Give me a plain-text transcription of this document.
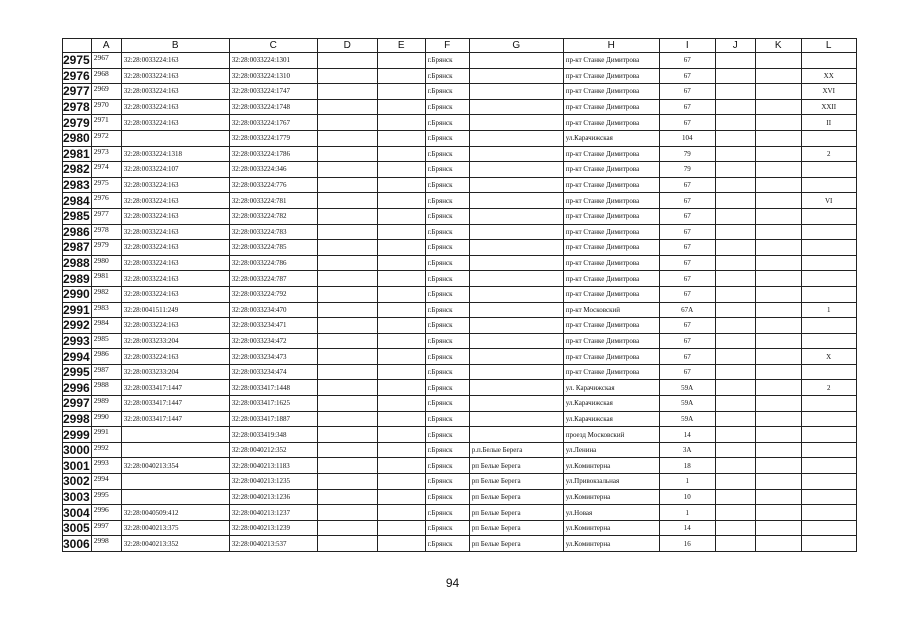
	A	B	C	D	E	F	G	H	I	J	K	L
2975	2967	32:28:0033224:163	32:28:0033224:1301			г.Брянск		пр-кт Станке Димитрова	67			
2976	2968	32:28:0033224:163	32:28:0033224:1310			г.Брянск		пр-кт Станке Димитрова	67			XX
2977	2969	32:28:0033224:163	32:28:0033224:1747			г.Брянск		пр-кт Станке Димитрова	67			XVI
2978	2970	32:28:0033224:163	32:28:0033224:1748			г.Брянск		пр-кт Станке Димитрова	67			XXII
2979	2971	32:28:0033224:163	32:28:0033224:1767			г.Брянск		пр-кт Станке Димитрова	67			II
2980	2972		32:28:0033224:1779			г.Брянск		ул.Карачижская	104			
2981	2973	32:28:0033224:1318	32:28:0033224:1786			г.Брянск		пр-кт Станке Димитрова	79			2
2982	2974	32:28:0033224:107	32:28:0033224:346			г.Брянск		пр-кт Станке Димитрова	79			
2983	2975	32:28:0033224:163	32:28:0033224:776			г.Брянск		пр-кт Станке Димитрова	67			
2984	2976	32:28:0033224:163	32:28:0033224:781			г.Брянск		пр-кт Станке Димитрова	67			VI
2985	2977	32:28:0033224:163	32:28:0033224:782			г.Брянск		пр-кт Станке Димитрова	67			
2986	2978	32:28:0033224:163	32:28:0033224:783			г.Брянск		пр-кт Станке Димитрова	67			
2987	2979	32:28:0033224:163	32:28:0033224:785			г.Брянск		пр-кт Станке Димитрова	67			
2988	2980	32:28:0033224:163	32:28:0033224:786			г.Брянск		пр-кт Станке Димитрова	67			
2989	2981	32:28:0033224:163	32:28:0033224:787			г.Брянск		пр-кт Станке Димитрова	67			
2990	2982	32:28:0033224:163	32:28:0033224:792			г.Брянск		пр-кт Станке Димитрова	67			
2991	2983	32:28:0041511:249	32:28:0033234:470			г.Брянск		пр-кт Московский	67А			1
2992	2984	32:28:0033224:163	32:28:0033234:471			г.Брянск		пр-кт Станке Димитрова	67			
2993	2985	32:28:0033233:204	32:28:0033234:472			г.Брянск		пр-кт Станке Димитрова	67			
2994	2986	32:28:0033224:163	32:28:0033234:473			г.Брянск		пр-кт Станке Димитрова	67			X
2995	2987	32:28:0033233:204	32:28:0033234:474			г.Брянск		пр-кт Станке Димитрова	67			
2996	2988	32:28:0033417:1447	32:28:0033417:1448			г.Брянск		ул. Карачижская	59А			2
2997	2989	32:28:0033417:1447	32:28:0033417:1625			г.Брянск		ул.Карачижская	59А			
2998	2990	32:28:0033417:1447	32:28:0033417:1887			г.Брянск		ул.Карачижская	59А			
2999	2991		32:28:0033419:348			г.Брянск		проезд Московский	14			
3000	2992		32:28:0040212:352			г.Брянск	р.п.Белые Берега	ул.Ленина	3А			
3001	2993	32:28:0040213:354	32:28:0040213:1183			г.Брянск	рп Белые Берега	ул.Коминтерна	18			
3002	2994		32:28:0040213:1235			г.Брянск	рп Белые Берега	ул.Привокзальная	1			
3003	2995		32:28:0040213:1236			г.Брянск	рп Белые Берега	ул.Коминтерна	10			
3004	2996	32:28:0040509:412	32:28:0040213:1237			г.Брянск	рп Белые Берега	ул.Новая	1			
3005	2997	32:28:0040213:375	32:28:0040213:1239			г.Брянск	рп Белые Берега	ул.Коминтерна	14			
3006	2998	32:28:0040213:352	32:28:0040213:537			г.Брянск	рп Белые Берега	ул.Коминтерна	16			
94
